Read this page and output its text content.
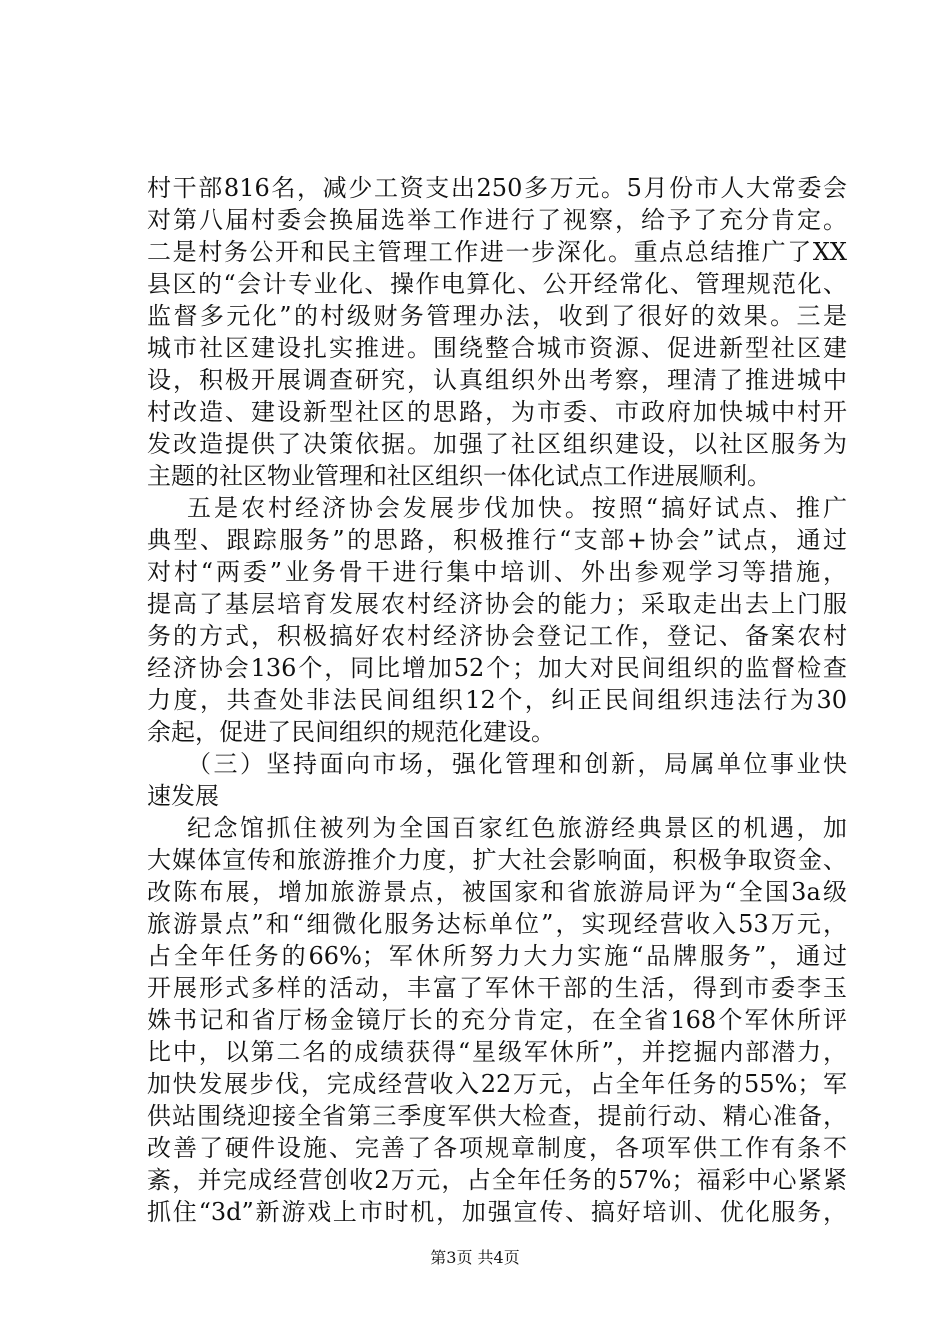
村干部816名，减少工资支出250多万元。5月份市人大常委会
对第八届村委会换届选举工作进行了视察，给予了充分肯定。
二是村务公开和民主管理工作进一步深化。重点总结推广了XX
县区的“会计专业化、操作电算化、公开经常化、管理规范化、
监督多元化”的村级财务管理办法，收到了很好的效果。三是
城市社区建设扎实推进。围绕整合城市资源、促进新型社区建
设，积极开展调查研究，认真组织外出考察，理清了推进城中
村改造、建设新型社区的思路，为市委、市政府加快城中村开
发改造提供了决策依据。加强了社区组织建设，以社区服务为
主题的社区物业管理和社区组织一体化试点工作进展顺利。
五是农村经济协会发展步伐加快。按照“搞好试点、推广
典型、跟踪服务”的思路，积极推行“支部+协会”试点，通过
对村“两委”业务骨干进行集中培训、外出参观学习等措施，
提高了基层培育发展农村经济协会的能力；采取走出去上门服
务的方式，积极搞好农村经济协会登记工作，登记、备案农村
经济协会136个，同比增加52个；加大对民间组织的监督检查
力度，共查处非法民间组织12个，纠正民间组织违法行为30
余起，促进了民间组织的规范化建设。
（三）坚持面向市场，强化管理和创新，局属单位事业快
速发展
纪念馆抓住被列为全国百家红色旅游经典景区的机遇，加
大媒体宣传和旅游推介力度，扩大社会影响面，积极争取资金、
改陈布展，增加旅游景点，被国家和省旅游局评为“全国3a级
旅游景点”和“细微化服务达标单位”，实现经营收入53万元，
占全年任务的66%；军休所努力大力实施“品牌服务”，通过
开展形式多样的活动，丰富了军休干部的生活，得到市委李玉
姝书记和省厅杨金镜厅长的充分肯定，在全省168个军休所评
比中，以第二名的成绩获得“星级军休所”，并挖掘内部潜力，
加快发展步伐，完成经营收入22万元，占全年任务的55%；军
供站围绕迎接全省第三季度军供大检查，提前行动、精心准备，
改善了硬件设施、完善了各项规章制度，各项军供工作有条不
紊，并完成经营创收2万元，占全年任务的57%；福彩中心紧紧
抓住“3d”新游戏上市时机，加强宣传、搞好培训、优化服务，
第3页 共4页
